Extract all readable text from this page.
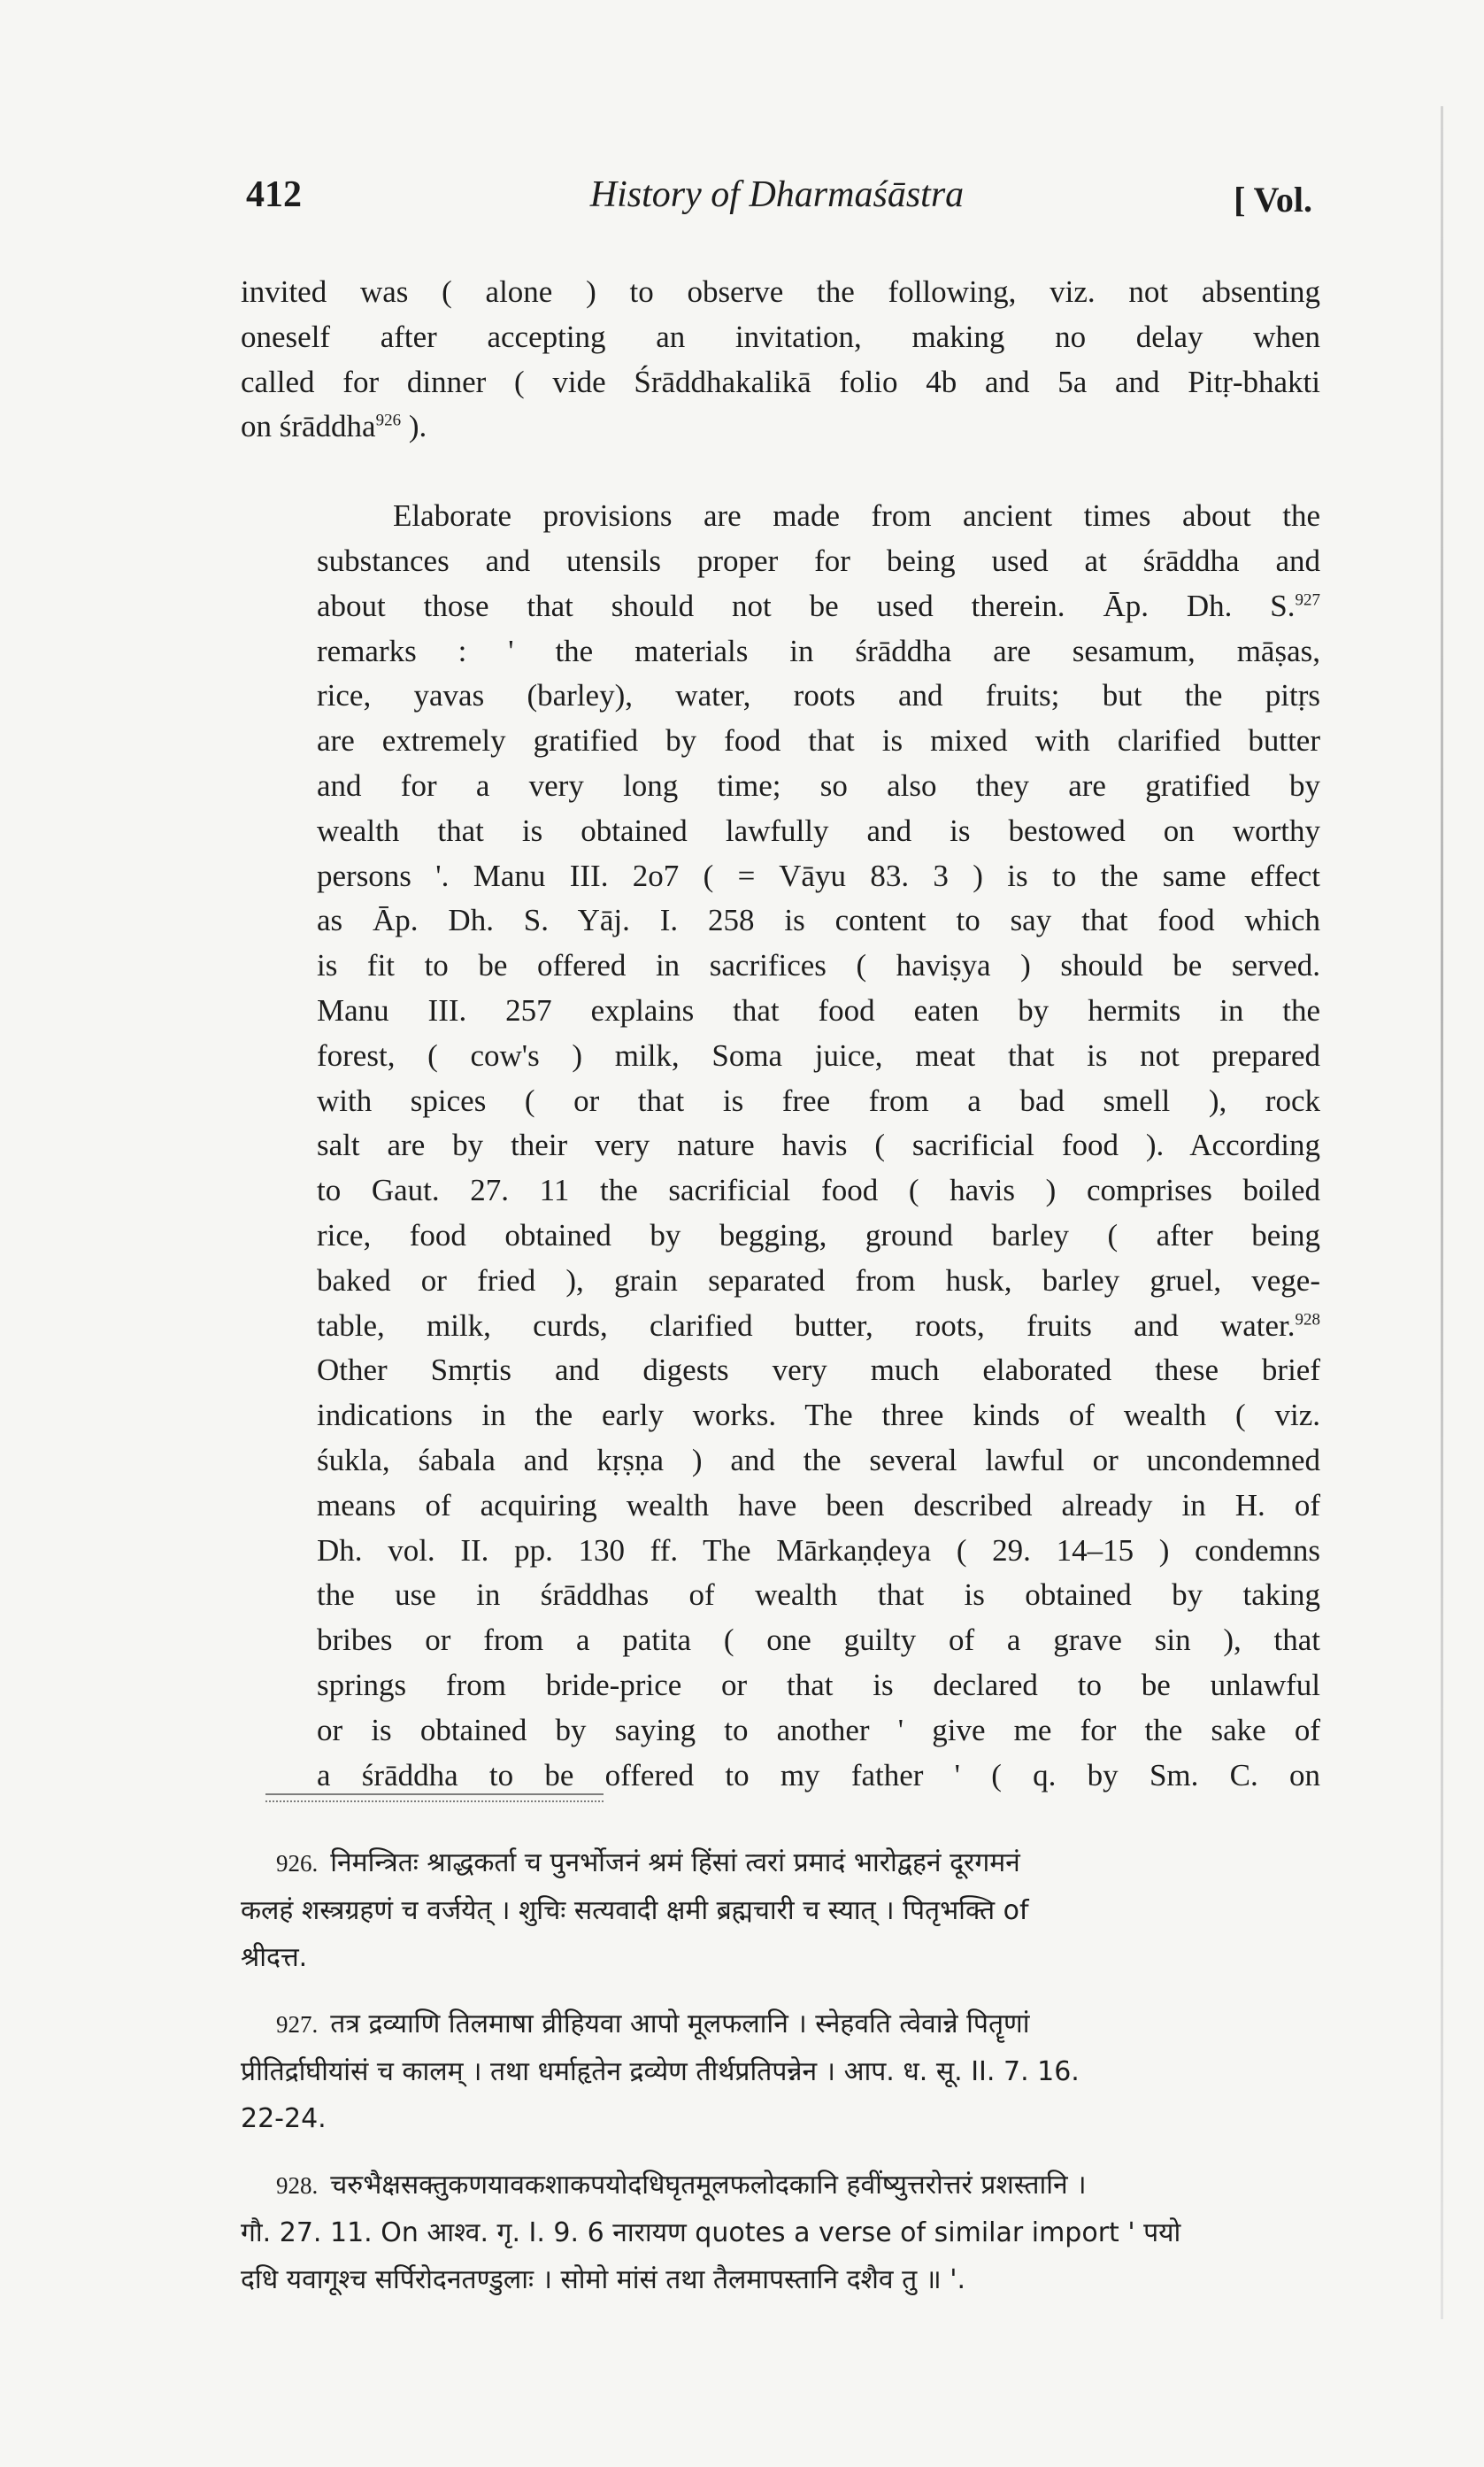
412	History of Dharmaśāstra	[ Vol.
invited was ( alone ) to observe the following, viz. not absenting
oneself after accepting an invitation, making no delay when
called for dinner ( vide Śrāddhakalikā folio 4b and 5a and Pitṛ-bhakti
on śrāddha$^{926}$ ).
Elaborate provisions are made from ancient times about the
substances and utensils proper for being used at śrāddha and
about those that should not be used therein. Āp. Dh. S.$^{927}$
remarks : ' the materials in śrāddha are sesamum, māṣas,
rice, yavas (barley), water, roots and fruits; but the pitṛs
are extremely gratified by food that is mixed with clarified butter
and for a very long time; so also they are gratified by
wealth that is obtained lawfully and is bestowed on worthy
persons '. Manu III. 2o7 ( = Vāyu 83. 3 ) is to the same effect
as Āp. Dh. S. Yāj. I. 258 is content to say that food which
is fit to be offered in sacrifices ( haviṣya ) should be served.
Manu III. 257 explains that food eaten by hermits in the
forest, ( cow's ) milk, Soma juice, meat that is not prepared
with spices ( or that is free from a bad smell ), rock
salt are by their very nature havis ( sacrificial food ). According
to Gaut. 27. 11 the sacrificial food ( havis ) comprises boiled
rice, food obtained by begging, ground barley ( after being
baked or fried ), grain separated from husk, barley gruel, vege-
table, milk, curds, clarified butter, roots, fruits and water.$^{928}$
Other Smṛtis and digests very much elaborated these brief
indications in the early works. The three kinds of wealth ( viz.
śukla, śabala and kṛṣṇa ) and the several lawful or uncondemned
means of acquiring wealth have been described already in H. of
Dh. vol. II. pp. 130 ff. The Mārkaṇḍeya ( 29. 14–15 ) condemns
the use in śrāddhas of wealth that is obtained by taking
bribes or from a patita ( one guilty of a grave sin ), that
springs from bride-price or that is declared to be unlawful
or is obtained by saying to another ' give me for the sake of
a śrāddha to be offered to my father ' ( q. by Sm. C. on
926. निमन्त्रितः श्राद्धकर्ता च पुनर्भोजनं श्रमं हिंसां त्वरां प्रमादं भारोद्वहनं दूरगमनं
कलहं शस्त्रग्रहणं च वर्जयेत् । शुचिः सत्यवादी क्षमी ब्रह्मचारी च स्यात् । पितृभक्ति of
श्रीदत्त.
927. तत्र द्रव्याणि तिलमाषा व्रीहियवा आपो मूलफलानि । स्नेहवति त्वेवान्ने पितॄणां
प्रीतिर्द्राघीयांसं च कालम् । तथा धर्माहृतेन द्रव्येण तीर्थप्रतिपन्नेन । आप. ध. सू. II. 7. 16.
22-24.
928. चरुभैक्षसक्तुकणयावकशाकपयोदधिघृतमूलफलोदकानि हवींष्युत्तरोत्तरं प्रशस्तानि ।
गौ. 27. 11. On आश्व. गृ. I. 9. 6 नारायण quotes a verse of similar import ' पयो
दधि यवागूश्च सर्पिरोदनतण्डुलाः । सोमो मांसं तथा तैलमापस्तानि दशैव तु ॥ '.
